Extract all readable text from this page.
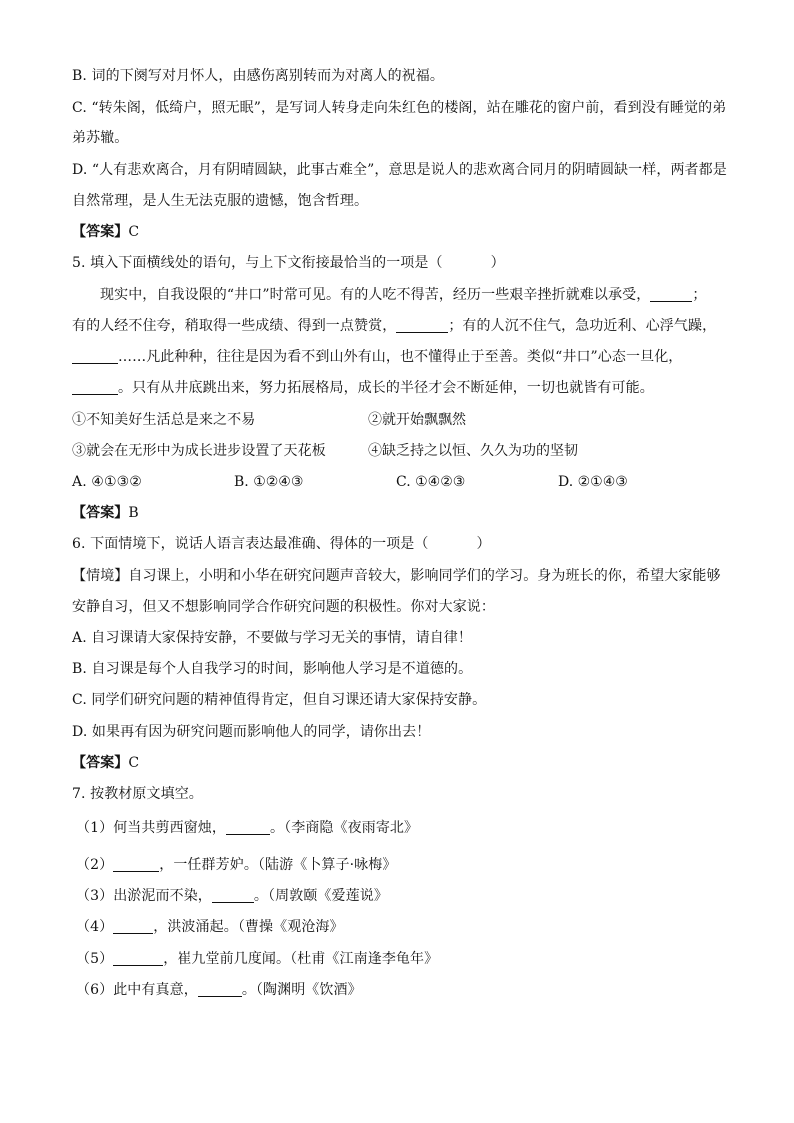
B. 词的下阕写对月怀人，由感伤离别转而为对离人的祝福。
C. “转朱阁，低绮户，照无眠”，是写词人转身走向朱红色的楼阁，站在雕花的窗户前，看到没有睡觉的弟
弟苏辙。
D. “人有悲欢离合，月有阴晴圆缺，此事古难全”，意思是说人的悲欢离合同月的阴晴圆缺一样，两者都是
自然常理，是人生无法克服的遗憾，饱含哲理。
【答案】C
5. 填入下面横线处的语句，与上下文衔接最恰当的一项是（	）
现实中，自我设限的“井口”时常可见。有的人吃不得苦，经历一些艰辛挫折就难以承受，	；
有的人经不住夸，稍取得一些成绩、得到一点赞赏，	；有的人沉不住气，急功近利、心浮气躁，
……凡此种种，往往是因为看不到山外有山，也不懂得止于至善。类似“井口”心态一旦化，
。只有从井底跳出来，努力拓展格局，成长的半径才会不断延伸，一切也就皆有可能。
①不知美好生活总是来之不易	②就开始飘飘然
③就会在无形中为成长进步设置了天花板	④缺乏持之以恒、久久为功的坚韧
A. ④①③②	B. ①②④③	C. ①④②③	D. ②①④③
【答案】B
6. 下面情境下，说话人语言表达最准确、得体的一项是（	）
【情境】自习课上，小明和小华在研究问题声音较大，影响同学们的学习。身为班长的你，希望大家能够
安静自习，但又不想影响同学合作研究问题的积极性。你对大家说：
A. 自习课请大家保持安静，不要做与学习无关的事情，请自律！
B. 自习课是每个人自我学习的时间，影响他人学习是不道德的。
C. 同学们研究问题的精神值得肯定，但自习课还请大家保持安静。
D. 如果再有因为研究问题而影响他人的同学，请你出去！
【答案】C
7. 按教材原文填空。
（1）何当共剪西窗烛，	。（李商隐《夜雨寄北》
（2）	，一任群芳妒。（陆游《卜算子·咏梅》
（3）出淤泥而不染，	。（周敦颐《爱莲说》
（4）	，洪波涌起。（曹操《观沧海》
（5）	，崔九堂前几度闻。（杜甫《江南逢李龟年》
（6）此中有真意，	。（陶渊明《饮酒》
